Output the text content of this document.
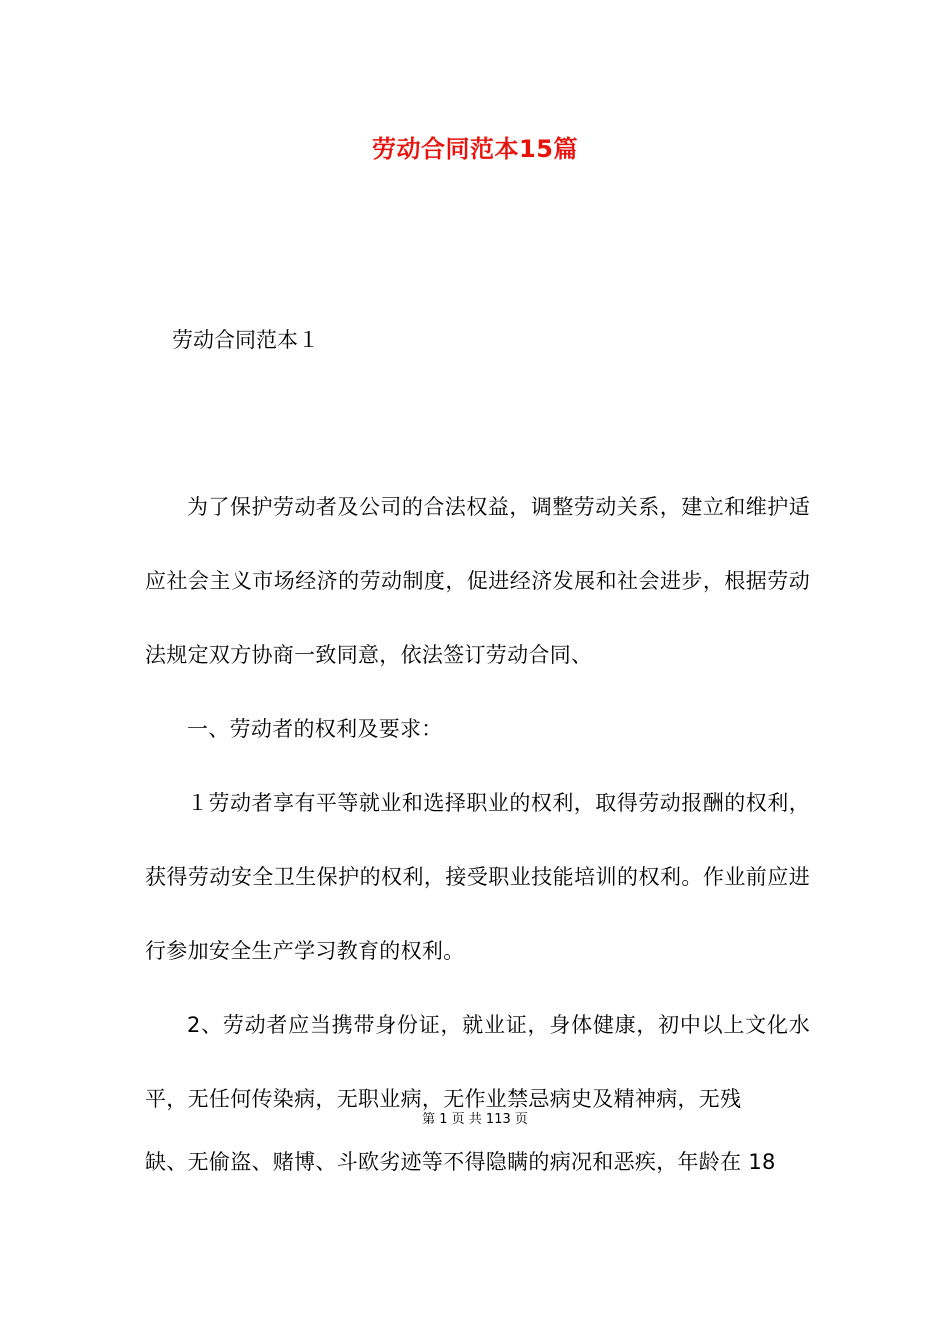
劳动合同范本15篇
劳动合同范本１

为了保护劳动者及公司的合法权益，调整劳动关系，建立和维护适应社会主义市场经济的劳动制度，促进经济发展和社会进步，根据劳动法规定双方协商一致同意，依法签订劳动合同、

一、劳动者的权利及要求：

１劳动者享有平等就业和选择职业的权利，取得劳动报酬的权利，获得劳动安全卫生保护的权利，接受职业技能培训的权利。作业前应进行参加安全生产学习教育的权利。

2、劳动者应当携带身份证，就业证，身体健康，初中以上文化水平，无任何传染病，无职业病，无作业禁忌病史及精神病，无残

第 1 页 共 113 页
缺、无偷盗、赌博、斗欧劣迹等不得隐瞒的病况和恶疾，年龄在 18
